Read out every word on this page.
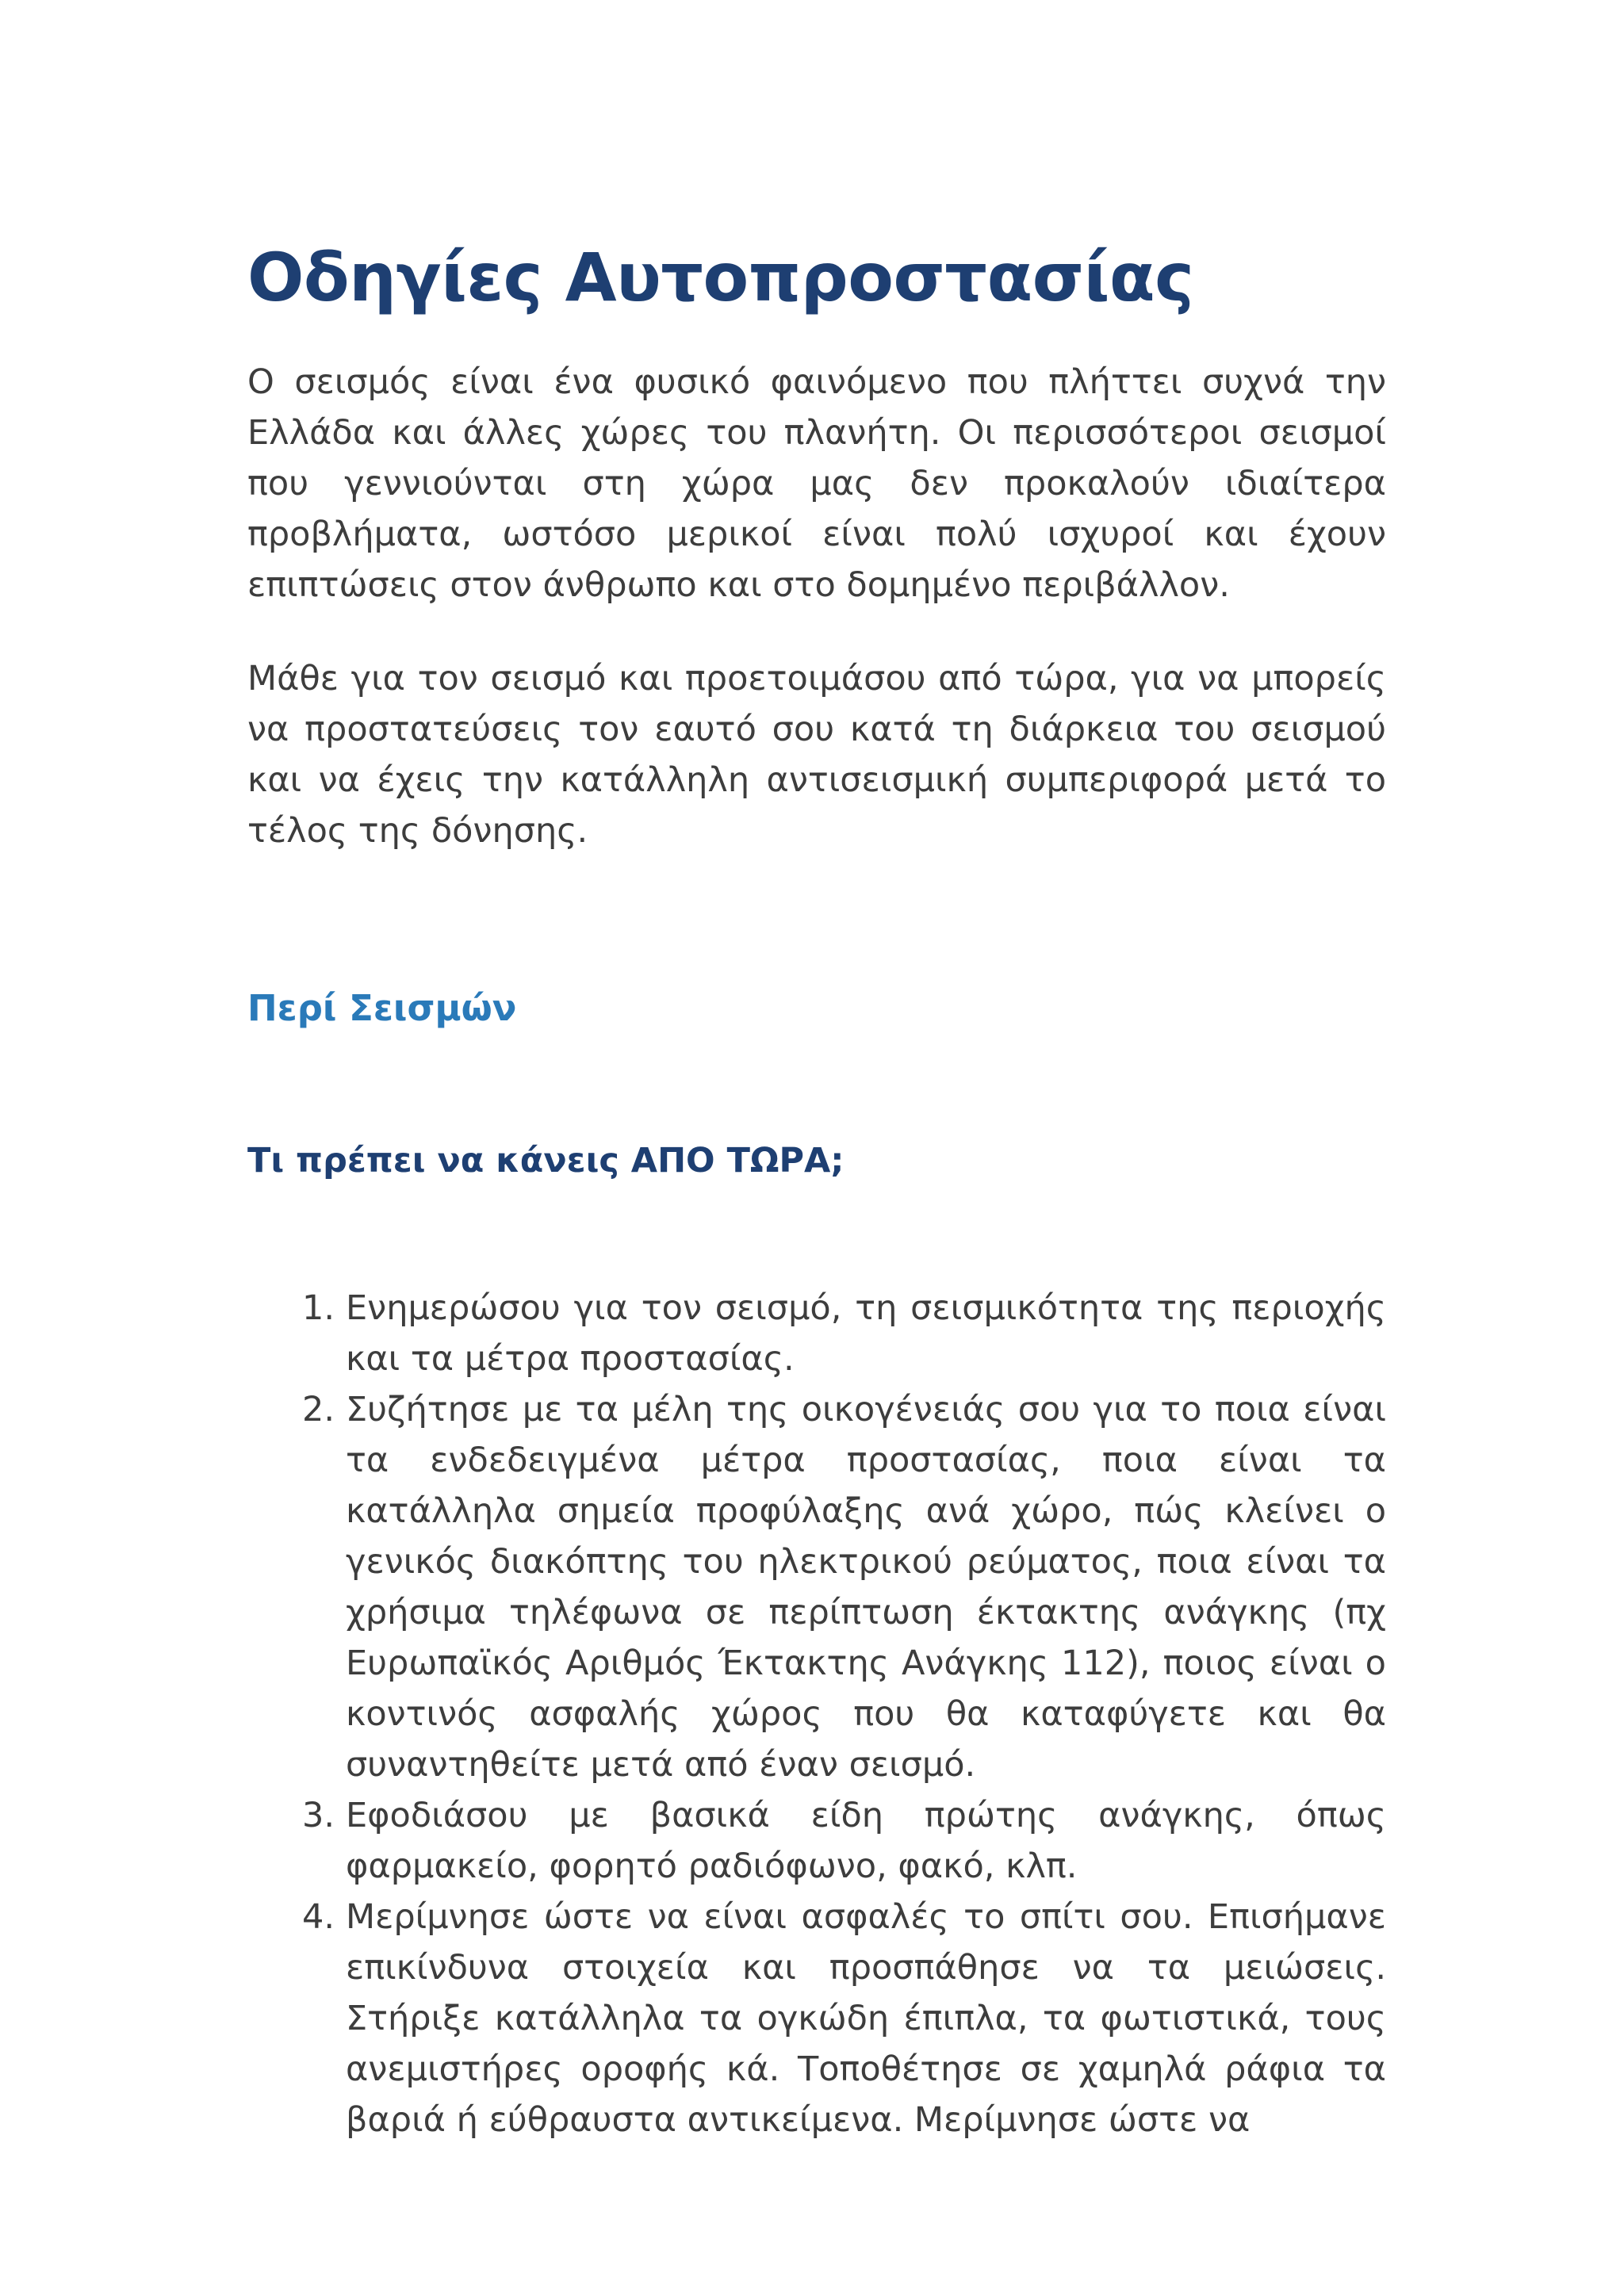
Οδηγίες Αυτοπροστασίας

Ο σεισμός είναι ένα φυσικό φαινόμενο που πλήττει συχνά την Ελλάδα και άλλες χώρες του πλανήτη. Οι περισσότεροι σεισμοί που γεννιούνται στη χώρα μας δεν προκαλούν ιδιαίτερα προβλήματα, ωστόσο μερικοί είναι πολύ ισχυροί και έχουν επιπτώσεις στον άνθρωπο και στο δομημένο περιβάλλον.

Μάθε για τον σεισμό και προετοιμάσου από τώρα, για να μπορείς να προστατεύσεις τον εαυτό σου κατά τη διάρκεια του σεισμού και να έχεις την κατάλληλη αντισεισμική συμπεριφορά μετά το τέλος της δόνησης.

Περί Σεισμών
Τι πρέπει να κάνεις ΑΠΟ ΤΩΡΑ;
1. Ενημερώσου για τον σεισμό, τη σεισμικότητα της περιοχής και τα μέτρα προστασίας.
2. Συζήτησε με τα μέλη της οικογένειάς σου για το ποια είναι τα ενδεδειγμένα μέτρα προστασίας, ποια είναι τα κατάλληλα σημεία προφύλαξης ανά χώρο, πώς κλείνει ο γενικός διακόπτης του ηλεκτρικού ρεύματος, ποια είναι τα χρήσιμα τηλέφωνα σε περίπτωση έκτακτης ανάγκης (πχ Ευρωπαϊκός Αριθμός Έκτακτης Ανάγκης 112), ποιος είναι ο κοντινός ασφαλής χώρος που θα καταφύγετε και θα συναντηθείτε μετά από έναν σεισμό.
3. Εφοδιάσου με βασικά είδη πρώτης ανάγκης, όπως φαρμακείο, φορητό ραδιόφωνο, φακό, κλπ.
4. Μερίμνησε ώστε να είναι ασφαλές το σπίτι σου. Επισήμανε επικίνδυνα στοιχεία και προσπάθησε να τα μειώσεις. Στήριξε κατάλληλα τα ογκώδη έπιπλα, τα φωτιστικά, τους ανεμιστήρες οροφής κά. Τοποθέτησε σε χαμηλά ράφια τα βαριά ή εύθραυστα αντικείμενα. Μερίμνησε ώστε να
